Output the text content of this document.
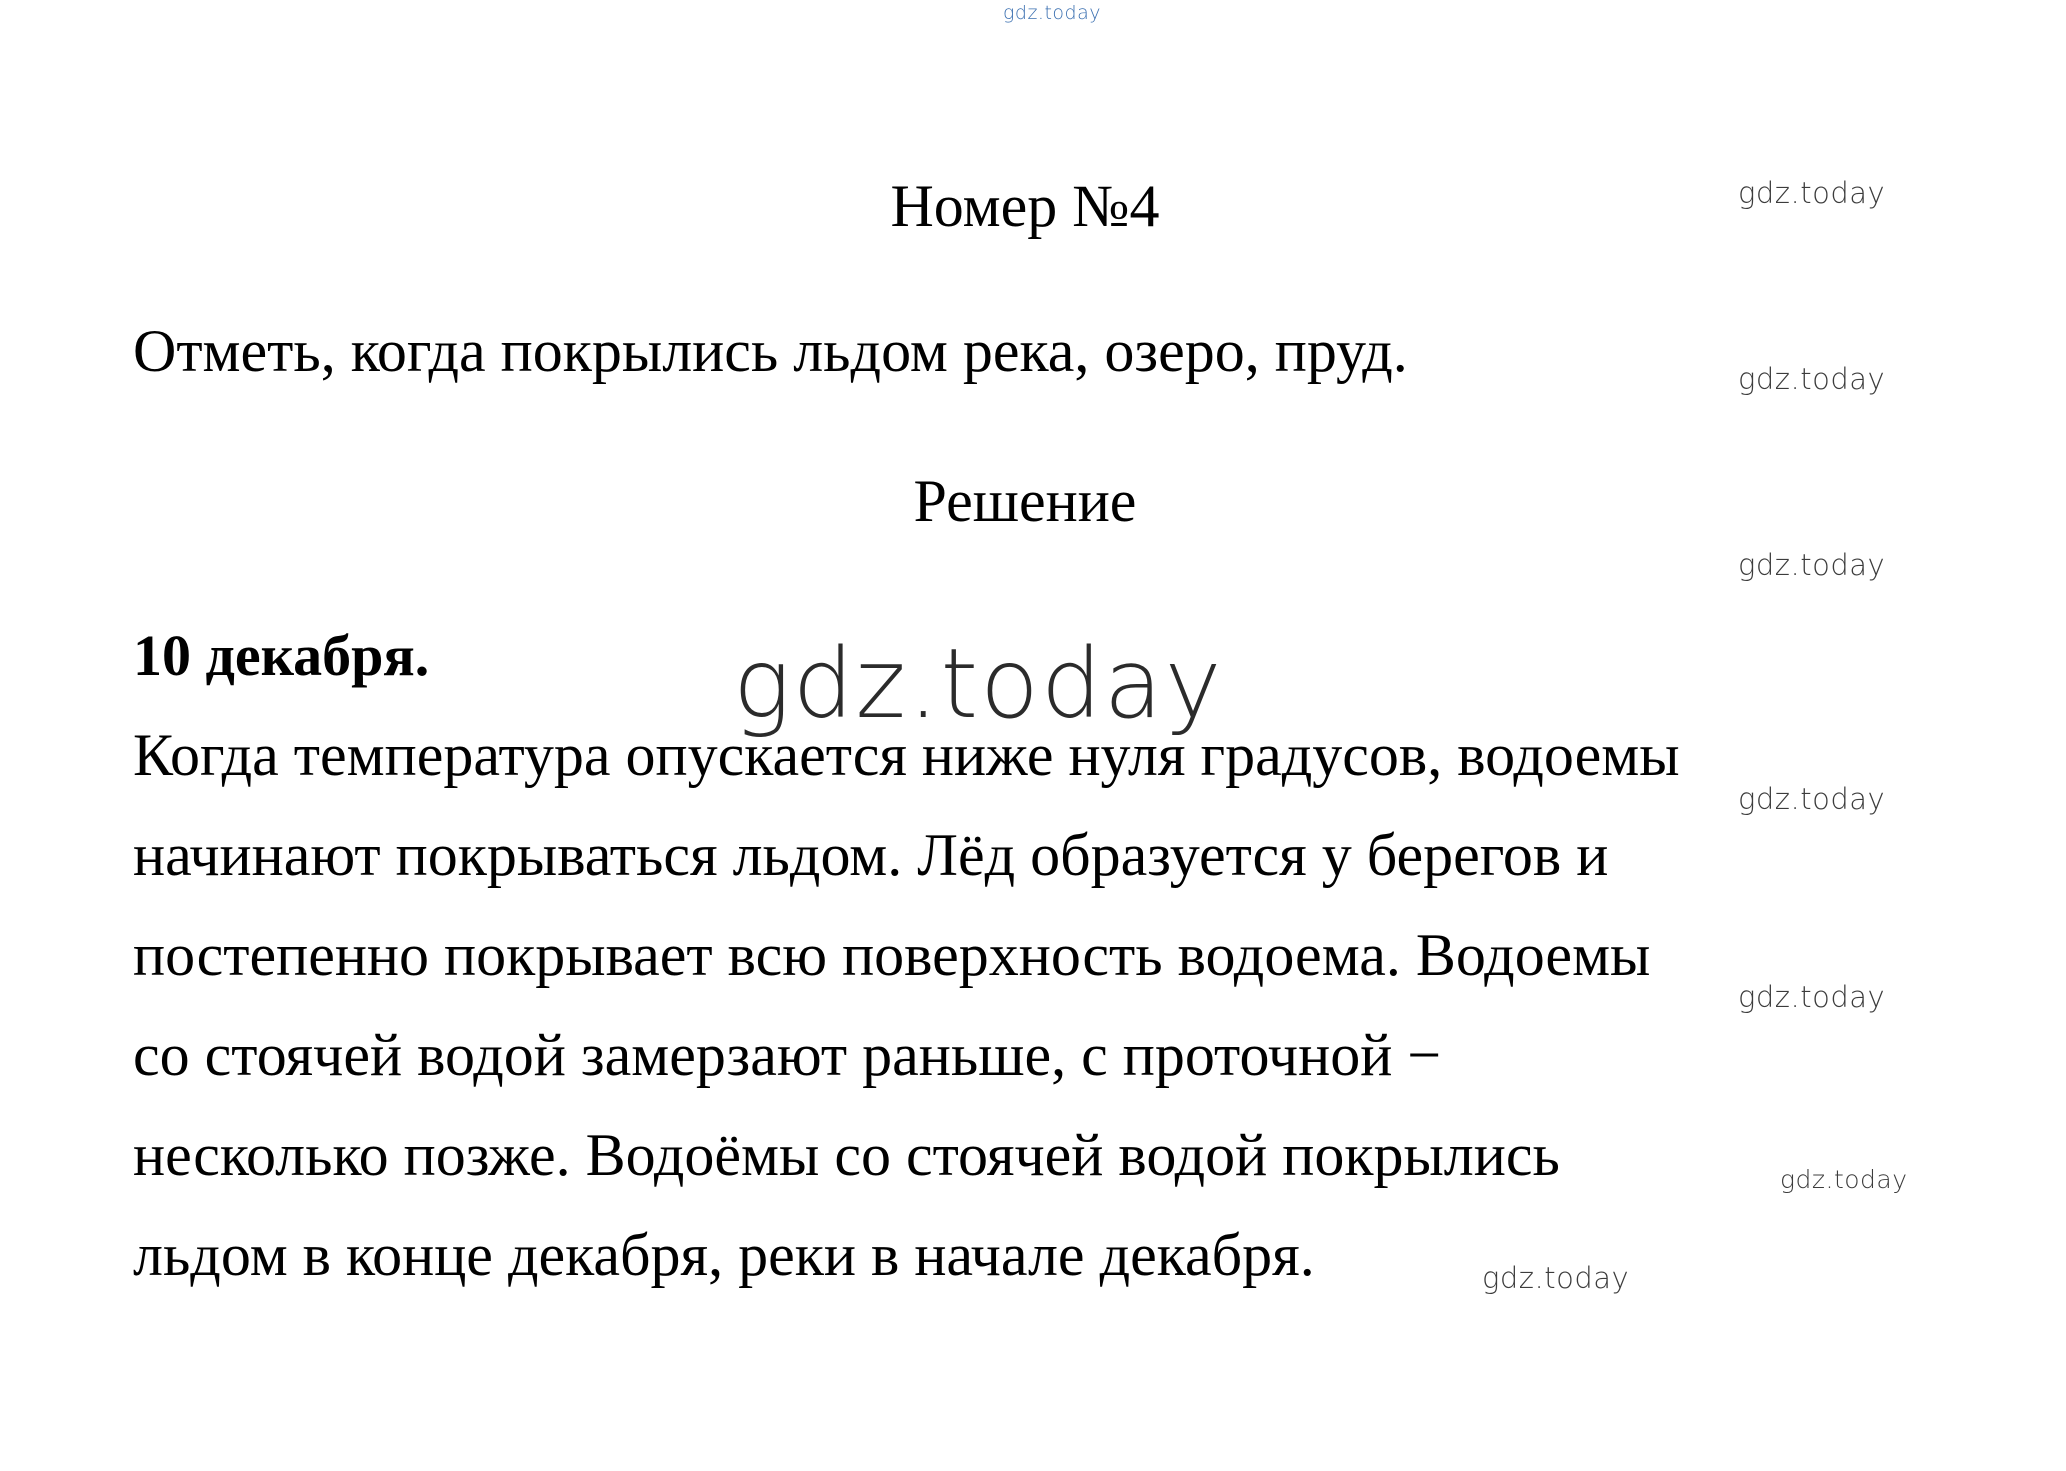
gdz.today
Номер №4
Отметь, когда покрылись льдом река, озеро, пруд.
Решение
10 декабря.	gdz.today
Когда температура опускается ниже нуля градусов, водоемы
начинают покрываться льдом. Лёд образуется у берегов и
постепенно покрывает всю поверхность водоема. Водоемы
со стоячей водой замерзают раньше, с проточной −
несколько позже. Водоёмы со стоячей водой покрылись
льдом в конце декабря, реки в начале декабря.
gdz.today
gdz.today
gdz.today
gdz.today
gdz.today
gdz.today
gdz.today
